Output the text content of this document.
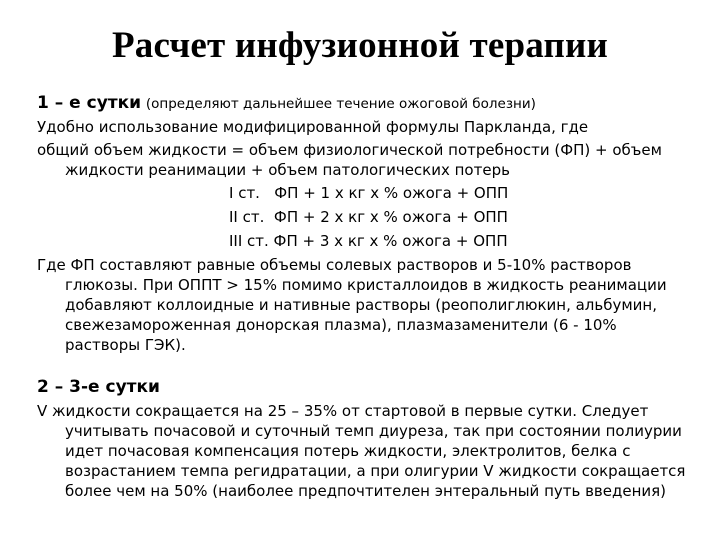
Расчет инфузионной терапии
1 – е сутки (определяют дальнейшее течение ожоговой болезни)
Удобно использование модифицированной формулы Паркланда, где
общий объем жидкости = объем физиологической потребности (ФП) + объем жидкости реанимации + объем патологических потерь
I ст.   ФП + 1 х кг х % ожога + ОПП
II ст.  ФП + 2 х кг х % ожога + ОПП
III ст. ФП + 3 х кг х % ожога + ОПП
Где ФП составляют равные объемы солевых растворов и 5-10% растворов глюкозы. При ОППТ > 15% помимо кристаллоидов в жидкость реанимации добавляют коллоидные и нативные растворы (реополиглюкин, альбумин, свежезамороженная донорская плазма), плазмазаменители (6 - 10% растворы ГЭК).
2 – 3-е сутки
V жидкости сокращается на 25 – 35% от стартовой в первые сутки. Следует учитывать почасовой и суточный темп диуреза, так при состоянии полиурии идет почасовая компенсация потерь жидкости, электролитов, белка с возрастанием темпа регидратации, а при олигурии V жидкости сокращается более чем на 50% (наиболее предпочтителен энтеральный путь введения)
